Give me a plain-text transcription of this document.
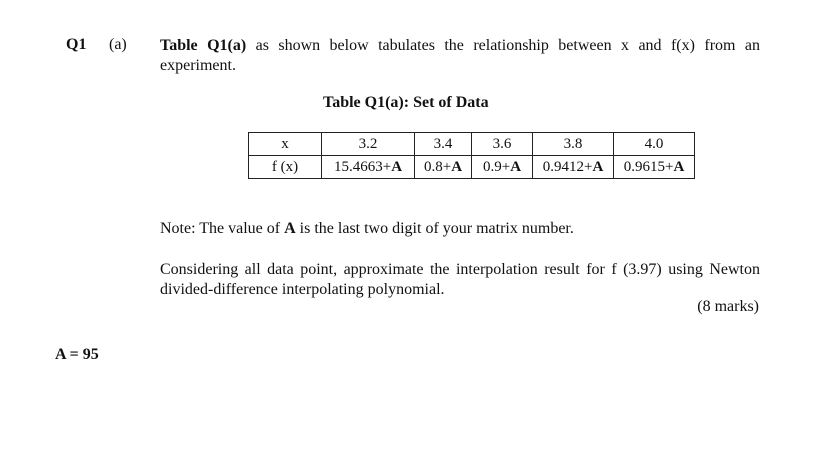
Q1 (a) Table Q1(a) as shown below tabulates the relationship between x and f(x) from an experiment.
Table Q1(a): Set of Data
x	3.2	3.4	3.6	3.8	4.0
f (x)	15.4663+A	0.8+A	0.9+A	0.9412+A	0.9615+A
Note: The value of A is the last two digit of your matrix number.
Considering all data point, approximate the interpolation result for f (3.97) using Newton divided-difference interpolating polynomial.
(8 marks)
A = 95
